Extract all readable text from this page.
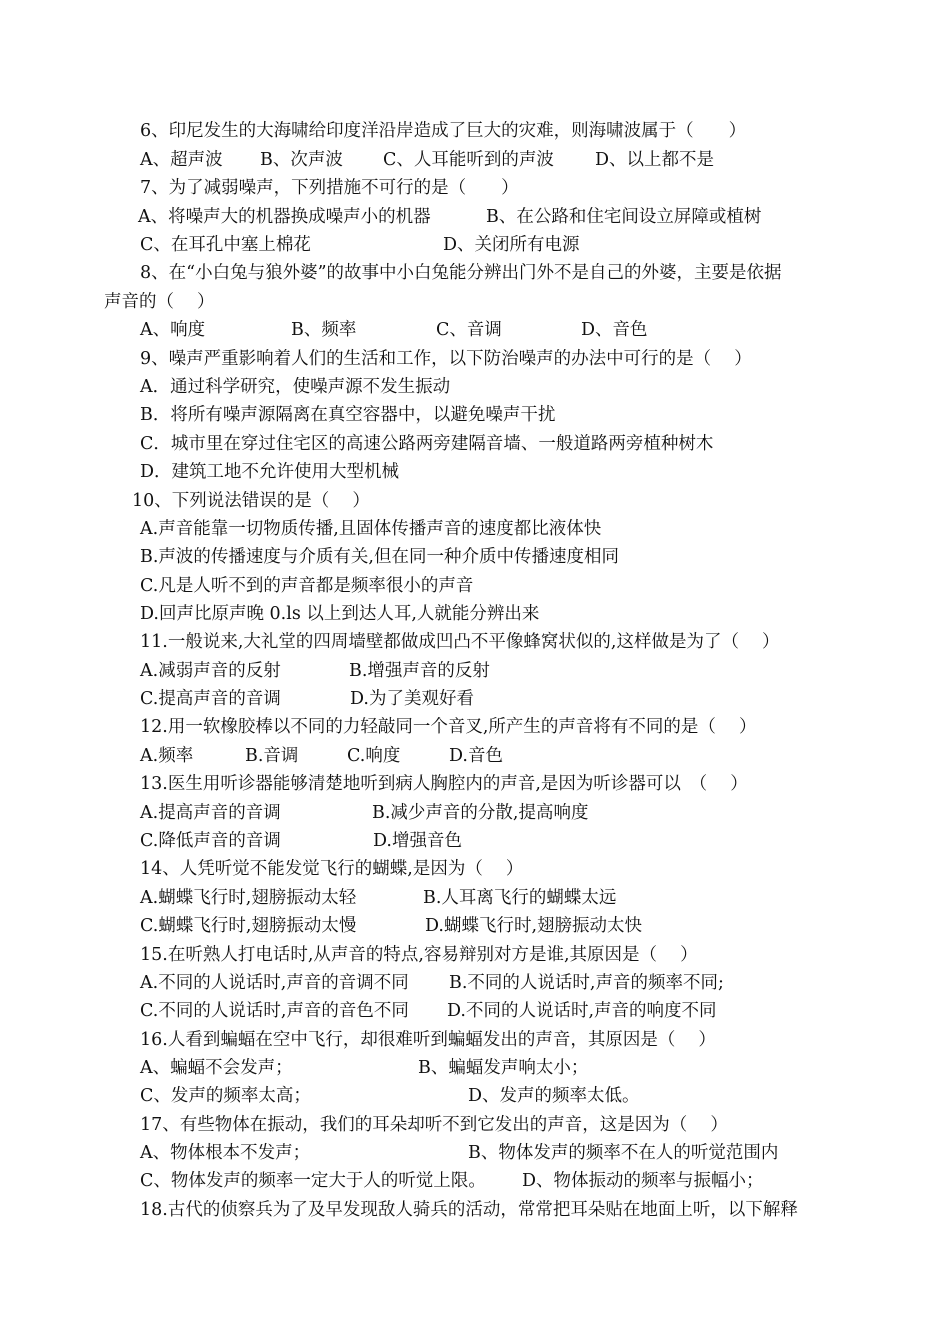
6、印尼发生的大海啸给印度洋沿岸造成了巨大的灾难，则海啸波属于（　　）
A、超声波 B、次声波 C、人耳能听到的声波 D、以上都不是
7、为了减弱噪声，下列措施不可行的是（　　）
A、将噪声大的机器换成噪声小的机器	B、在公路和住宅间设立屏障或植树
C、在耳孔中塞上棉花	D、关闭所有电源
8、在“小白兔与狼外婆”的故事中小白兔能分辨出门外不是自己的外婆，主要是依据
声音的（　 ）
A、响度	B、频率	C、音调	D、音色
9、噪声严重影响着人们的生活和工作，以下防治噪声的办法中可行的是（　 ）
A．通过科学研究，使噪声源不发生振动
B．将所有噪声源隔离在真空容器中，以避免噪声干扰
C．城市里在穿过住宅区的高速公路两旁建隔音墙、一般道路两旁植种树木
D．建筑工地不允许使用大型机械
10、下列说法错误的是（　 ）
A.声音能靠一切物质传播,且固体传播声音的速度都比液体快
B.声波的传播速度与介质有关,但在同一种介质中传播速度相同
C.凡是人听不到的声音都是频率很小的声音
D.回声比原声晚 0.ls 以上到达人耳,人就能分辨出来
11.一般说来,大礼堂的四周墙壁都做成凹凸不平像蜂窝状似的,这样做是为了（　 ）
A.减弱声音的反射	B.增强声音的反射
C.提高声音的音调	D.为了美观好看
12.用一软橡胶棒以不同的力轻敲同一个音叉,所产生的声音将有不同的是（　 ）
A.频率	B.音调	C.响度	D.音色
13.医生用听诊器能够清楚地听到病人胸腔内的声音,是因为听诊器可以　（　 ）
A.提高声音的音调	B.减少声音的分散,提高响度
C.降低声音的音调	D.增强音色
14、人凭听觉不能发觉飞行的蝴蝶,是因为（　 ）
A.蝴蝶飞行时,翅膀振动太轻	B.人耳离飞行的蝴蝶太远
C.蝴蝶飞行时,翅膀振动太慢	D.蝴蝶飞行时,翅膀振动太快
15.在听熟人打电话时,从声音的特点,容易辩别对方是谁,其原因是（　 ）
A.不同的人说话时,声音的音调不同 B.不同的人说话时,声音的频率不同;
C.不同的人说话时,声音的音色不同 D.不同的人说话时,声音的响度不同
16.人看到蝙蝠在空中飞行，却很难听到蝙蝠发出的声音，其原因是（　 ）
A、蝙蝠不会发声；	B、蝙蝠发声响太小；
C、发声的频率太高；	D、发声的频率太低。
17、有些物体在振动，我们的耳朵却听不到它发出的声音，这是因为（　 ）
A、物体根本不发声；	B、物体发声的频率不在人的听觉范围内
C、物体发声的频率一定大于人的听觉上限。 D、物体振动的频率与振幅小；
18.古代的侦察兵为了及早发现敌人骑兵的活动，常常把耳朵贴在地面上听，以下解释
